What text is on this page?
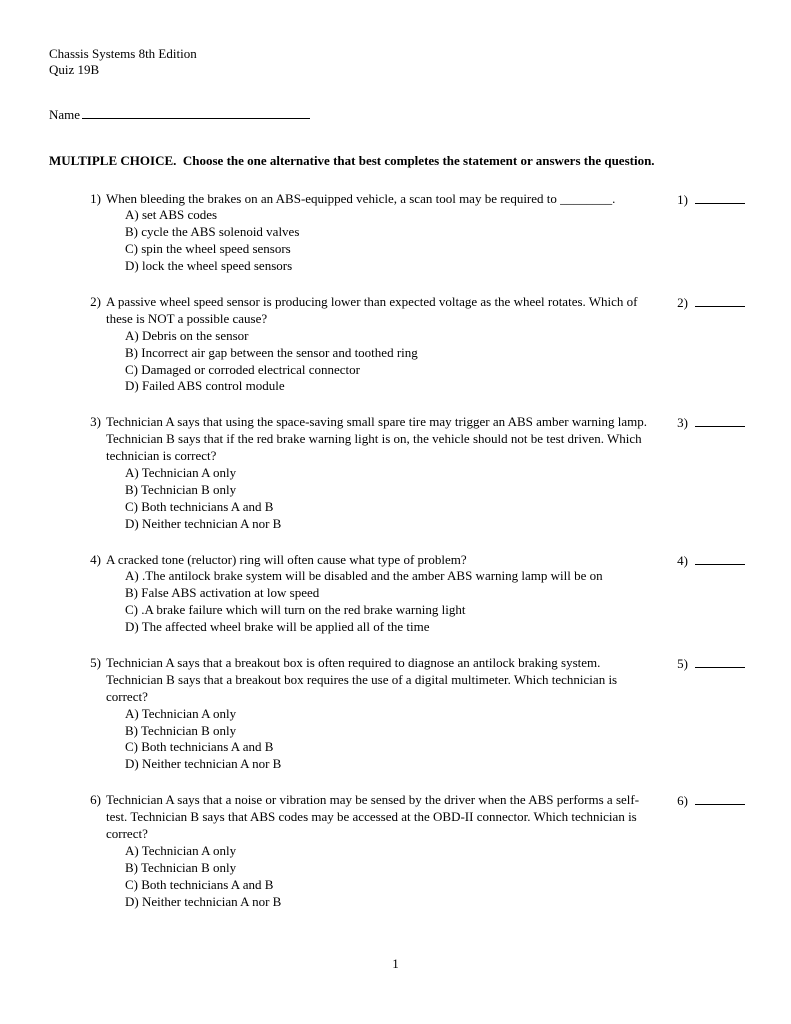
Chassis Systems 8th Edition
Quiz 19B
Name
MULTIPLE CHOICE.  Choose the one alternative that best completes the statement or answers the question.
1) When bleeding the brakes on an ABS-equipped vehicle, a scan tool may be required to ________.
A) set ABS codes
B) cycle the ABS solenoid valves
C) spin the wheel speed sensors
D) lock the wheel speed sensors
1)
2) A passive wheel speed sensor is producing lower than expected voltage as the wheel rotates. Which of these is NOT a possible cause?
A) Debris on the sensor
B) Incorrect air gap between the sensor and toothed ring
C) Damaged or corroded electrical connector
D) Failed ABS control module
2)
3) Technician A says that using the space-saving small spare tire may trigger an ABS amber warning lamp. Technician B says that if the red brake warning light is on, the vehicle should not be test driven. Which technician is correct?
A) Technician A only
B) Technician B only
C) Both technicians A and B
D) Neither technician A nor B
3)
4) A cracked tone (reluctor) ring will often cause what type of problem?
A) .The antilock brake system will be disabled and the amber ABS warning lamp will be on
B) False ABS activation at low speed
C) .A brake failure which will turn on the red brake warning light
D) The affected wheel brake will be applied all of the time
4)
5) Technician A says that a breakout box is often required to diagnose an antilock braking system. Technician B says that a breakout box requires the use of a digital multimeter. Which technician is correct?
A) Technician A only
B) Technician B only
C) Both technicians A and B
D) Neither technician A nor B
5)
6) Technician A says that a noise or vibration may be sensed by the driver when the ABS performs a self-test. Technician B says that ABS codes may be accessed at the OBD-II connector. Which technician is correct?
A) Technician A only
B) Technician B only
C) Both technicians A and B
D) Neither technician A nor B
6)
1
